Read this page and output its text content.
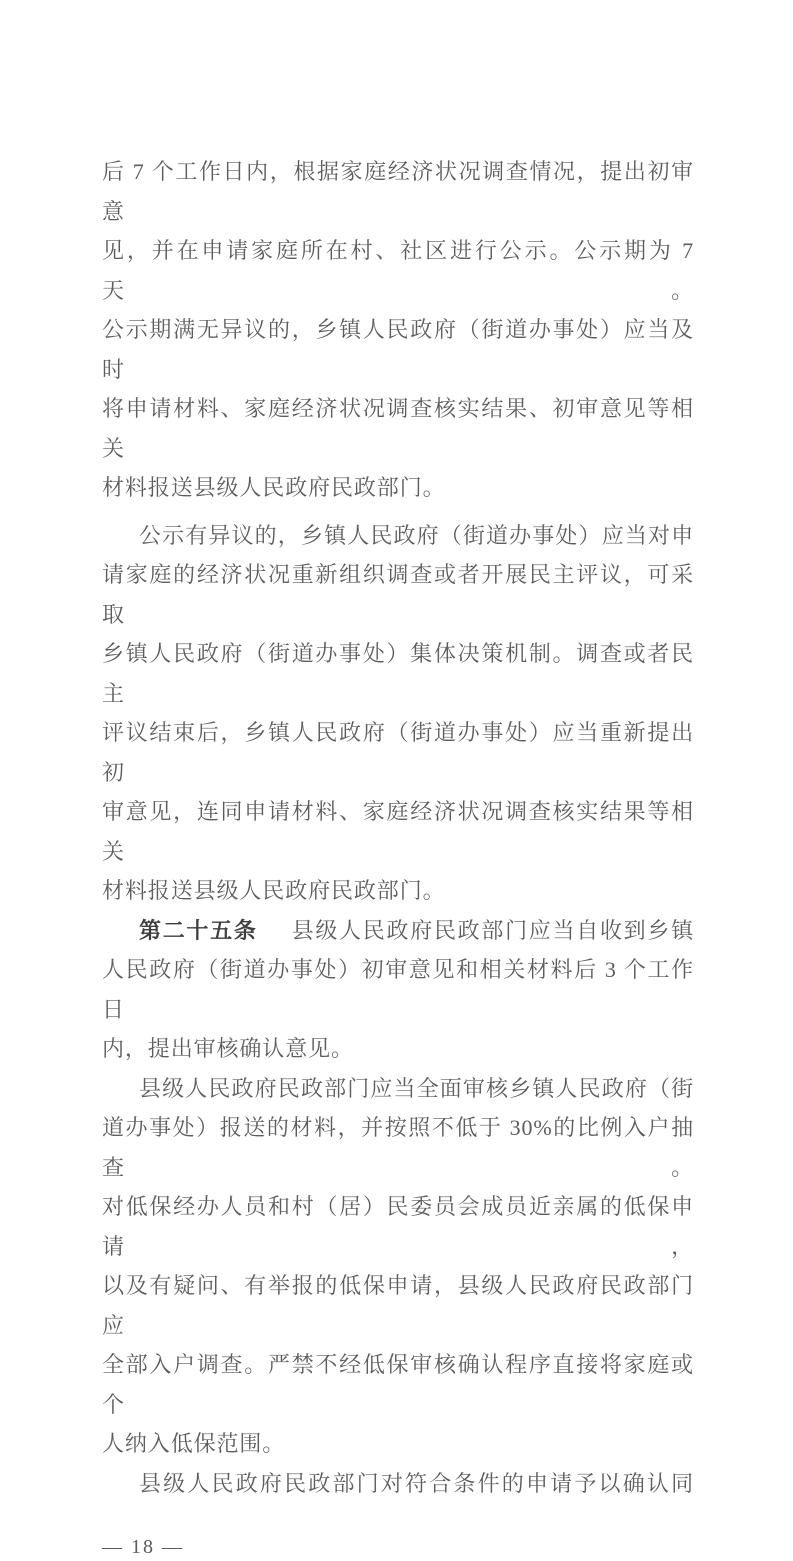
后 7 个工作日内，根据家庭经济状况调查情况，提出初审意
见，并在申请家庭所在村、社区进行公示。公示期为 7 天。
公示期满无异议的，乡镇人民政府（街道办事处）应当及时
将申请材料、家庭经济状况调查核实结果、初审意见等相关
材料报送县级人民政府民政部门。
公示有异议的，乡镇人民政府（街道办事处）应当对申
请家庭的经济状况重新组织调查或者开展民主评议，可采取
乡镇人民政府（街道办事处）集体决策机制。调查或者民主
评议结束后，乡镇人民政府（街道办事处）应当重新提出初
审意见，连同申请材料、家庭经济状况调查核实结果等相关
材料报送县级人民政府民政部门。
第二十五条 县级人民政府民政部门应当自收到乡镇
人民政府（街道办事处）初审意见和相关材料后 3 个工作日
内，提出审核确认意见。
县级人民政府民政部门应当全面审核乡镇人民政府（街
道办事处）报送的材料，并按照不低于 30%的比例入户抽查。
对低保经办人员和村（居）民委员会成员近亲属的低保申请，
以及有疑问、有举报的低保申请，县级人民政府民政部门应
全部入户调查。严禁不经低保审核确认程序直接将家庭或个
人纳入低保范围。
县级人民政府民政部门对符合条件的申请予以确认同
— 18 —
